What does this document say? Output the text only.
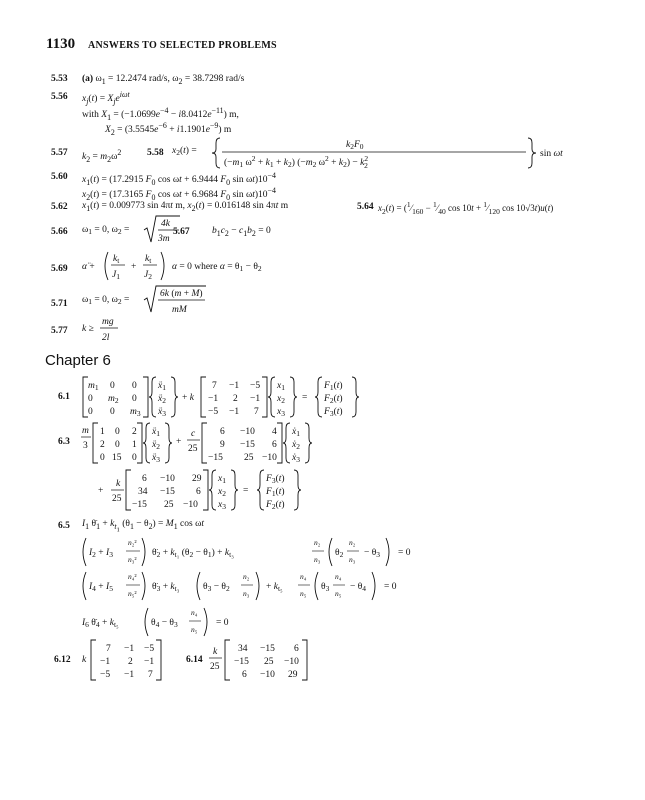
1130 ANSWERS TO SELECTED PROBLEMS
5.53 (a) $\omega_1 = 12.2474$ rad/s, $\omega_2 = 38.7298$ rad/s
5.56 $x_j(t) = X_je^{i\omega t}$
with $X_1 = (-1.0699e^{-4} - i8.0412e^{-11})$ m,
$X_2 = (3.5545e^{-6} + i1.1901e^{-9})$ m
5.57 $k_2 = m_2\omega^2$	5.58 $x_2(t)$ =
$k_2F_0$
($-m_1$ $\omega^2 + k_1 + k_2$) ($-m_2$ $\omega^2 + k_2) - k^2$ 2
sin ωt
5.60 $x_1(t) = (17.2915$ $F_0$ cos ωt + 6.9444 $F_0$ $\sin \omega t)10^{-4}$
$x_2(t) = (17.3165$ $F_0$ cos ωt + 6.9684 $F_0$ $\sin \omega t)10^{-4}$
5.62 $x_1(t) = 0.009773$ sin 4πt m, $x_2(t) = 0.016148$ sin 4πt m	5.64 $x_2(t)$ = ($^1⁄_{160}$ − $^1⁄_{40}$ $\cos 10t + ^1⁄_{120}$ cos 10√3t)u(t)
5.66 $\omega_1 = 0$, $\omega_2$ =
4k
3m
5.67 $b_1c_2 - c_1b_2 = 0$
5.69 α̈ +
$k_t$
$J_1$
+
$k_t$
$J_2$
α = 0 where $\alpha = \theta_1 - \theta_2$
5.71 $\omega_1 = 0$, $\omega_2$ =
6k (m + M)
mM
5.77 k ≥
mg
2l
Chapter 6
6.1
$m_1$ 0 0
0 $m_2$ 0
0 0 $m_3$
ẍ$_1$
ẍ$_2$
ẍ$_3$
+ k
7 −1 −5
−1 2 −1
−5 −1 7
$x_1$
$x_2$
$x_3$
=
$F_1(t)$
$F_2(t)$
$F_3(t)$
6.3
m
3
1 0 2
2 0 1
0 15 0
ẍ$_1$
ẍ$_2$
ẍ$_3$
+
c
25
6 −10 4
9 −15 6
−15 25 −10
ẋ$_1$
ẋ$_2$
ẋ$_3$
+
k
25
6 −10 29
34 −15 6
−15 25 −10
$x_1$
$x_2$
$x_3$
=
$F_3(t)$
$F_1(t)$
$F_2(t)$
6.5 $I_1$ $\thetä_1 + k_{t_1}$ $(\theta_1 - \theta_2) = M_1$ cos ωt
$I_2 + I_3$
n₂²
n₃²
$\thetä_2 + k_{t_1}$ $(\theta_2 - \theta_1) + k_{t_3}$
n₂
n₃
$\theta_2$
n₂
n₃
− $\theta_3 = 0$
$I_4 + I_5$
n₄²
n₅²
$\thetä_3 + k_{t_3}$ $\theta_3 - \theta_2$
n₂
n₃
+ $k_{t_5}$
n₄
n₅
$\theta_3$
n₄
n₅
− $\theta_4 = 0$
$I_6$ $\thetä_4 + k_{t_5}$	$\theta_4 - \theta_3$
n₄
n₅
= 0
6.12 k
7 −1 −5
−1 2 −1
−5 −1 7
6.14
k
25
34 −15 6
−15 25 −10
6 −10 29
